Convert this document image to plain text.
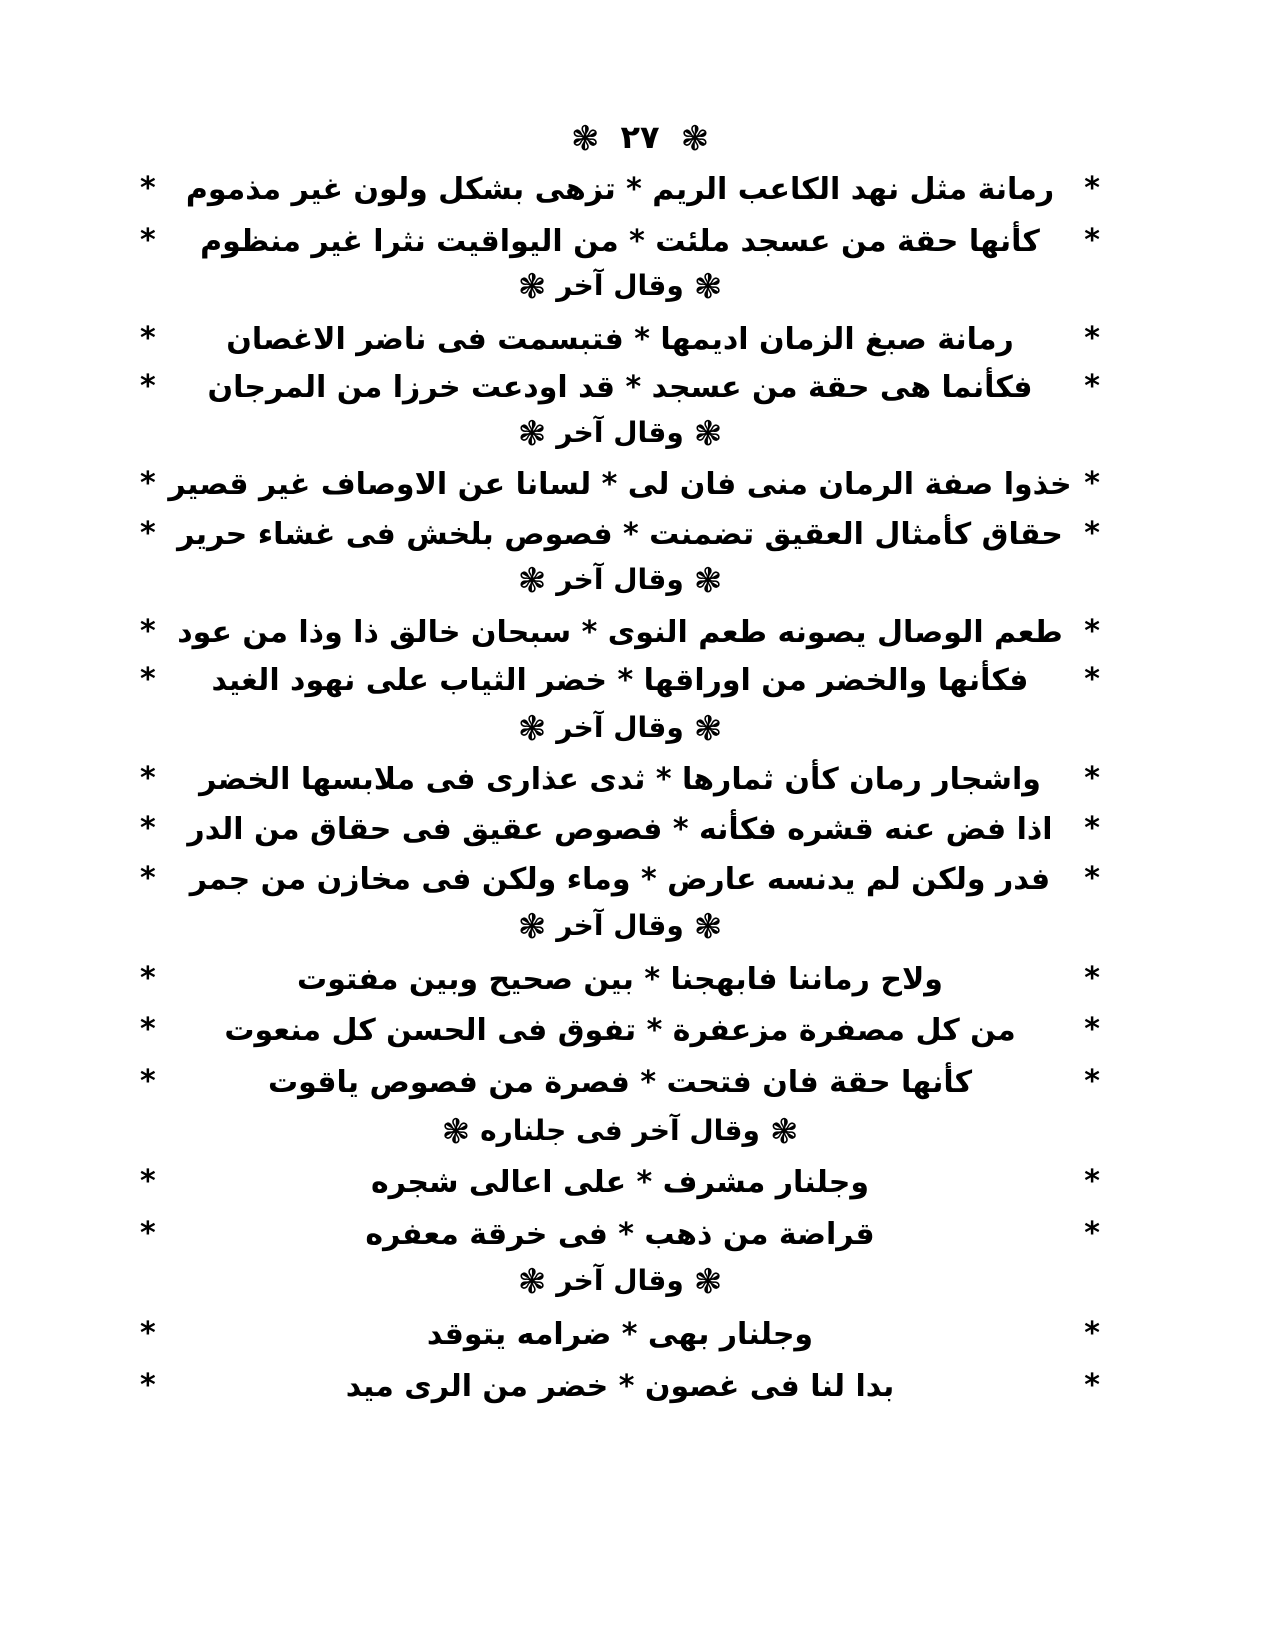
❃ ٢٧ ❃
*
رمانة مثل نهد الكاعب الريم * تزهى بشكل ولون غير مذموم
*
*
كأنها حقة من عسجد ملئت * من اليواقيت نثرا غير منظوم
*
❃وقال آخر❃
*
رمانة صبغ الزمان اديمها * فتبسمت فى ناضر الاغصان
*
*
فكأنما هى حقة من عسجد * قد اودعت خرزا من المرجان
*
❃وقال آخر❃
*
خذوا صفة الرمان منى فان لى * لسانا عن الاوصاف غير قصير
*
*
حقاق كأمثال العقيق تضمنت * فصوص بلخش فى غشاء حرير
*
❃وقال آخر❃
*
طعم الوصال يصونه طعم النوى * سبحان خالق ذا وذا من عود
*
*
فكأنها والخضر من اوراقها * خضر الثياب على نهود الغيد
*
❃وقال آخر❃
*
واشجار رمان كأن ثمارها * ثدى عذارى فى ملابسها الخضر
*
*
اذا فض عنه قشره فكأنه * فصوص عقيق فى حقاق من الدر
*
*
فدر ولكن لم يدنسه عارض * وماء ولكن فى مخازن من جمر
*
❃وقال آخر❃
*
ولاح رماننا فابهجنا * بين صحيح وبين مفتوت
*
*
من كل مصفرة مزعفرة * تفوق فى الحسن كل منعوت
*
*
كأنها حقة فان فتحت * فصرة من فصوص ياقوت
*
❃وقال آخر فى جلناره❃
*
وجلنار مشرف * على اعالى شجره
*
*
قراضة من ذهب * فى خرقة معفره
*
❃وقال آخر❃
*
وجلنار بهى * ضرامه يتوقد
*
*
بدا لنا فى غصون * خضر من الرى ميد
*
